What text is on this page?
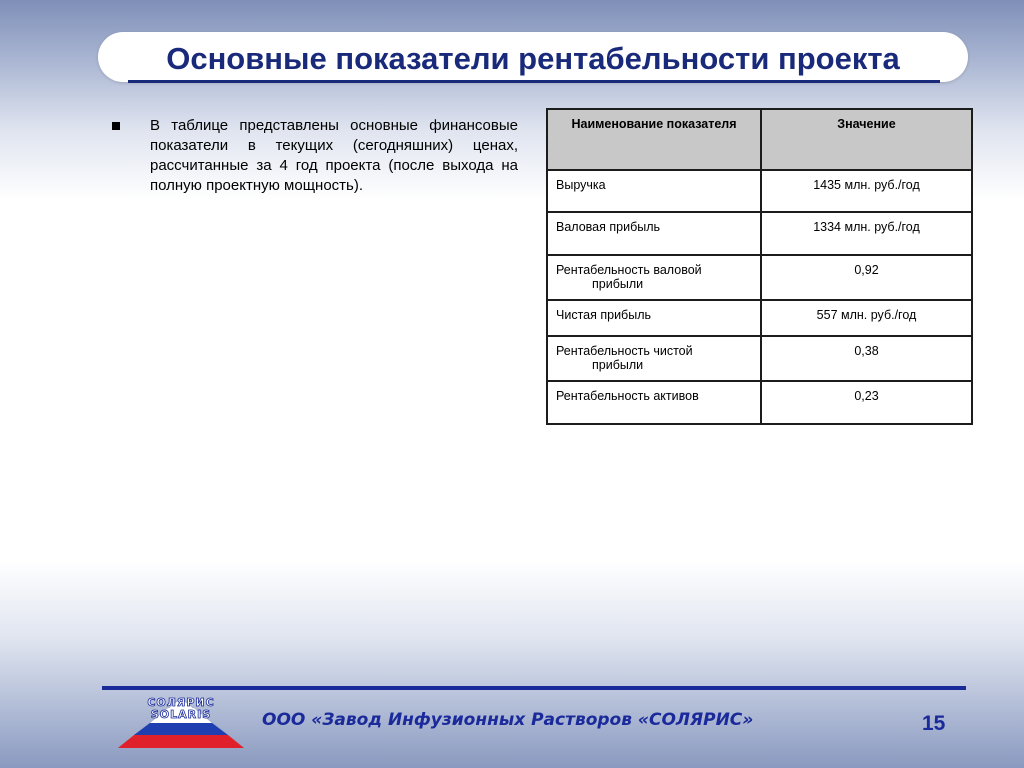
Основные показатели рентабельности проекта
В таблице представлены основные финансовые показатели в текущих (сегодняшних) ценах, рассчитанные за 4 год проекта (после выхода на полную проектную мощность).
Наименование показателя	Значение
Выручка	1435 млн. руб./год
Валовая прибыль	1334 млн. руб./год
Рентабельность валовой
прибыли	0,92
Чистая прибыль	557 млн. руб./год
Рентабельность чистой
прибыли	0,38
Рентабельность активов	0,23
СОЛЯРИС
SOLARIS	ООО «Завод Инфузионных Растворов «СОЛЯРИС»	15
